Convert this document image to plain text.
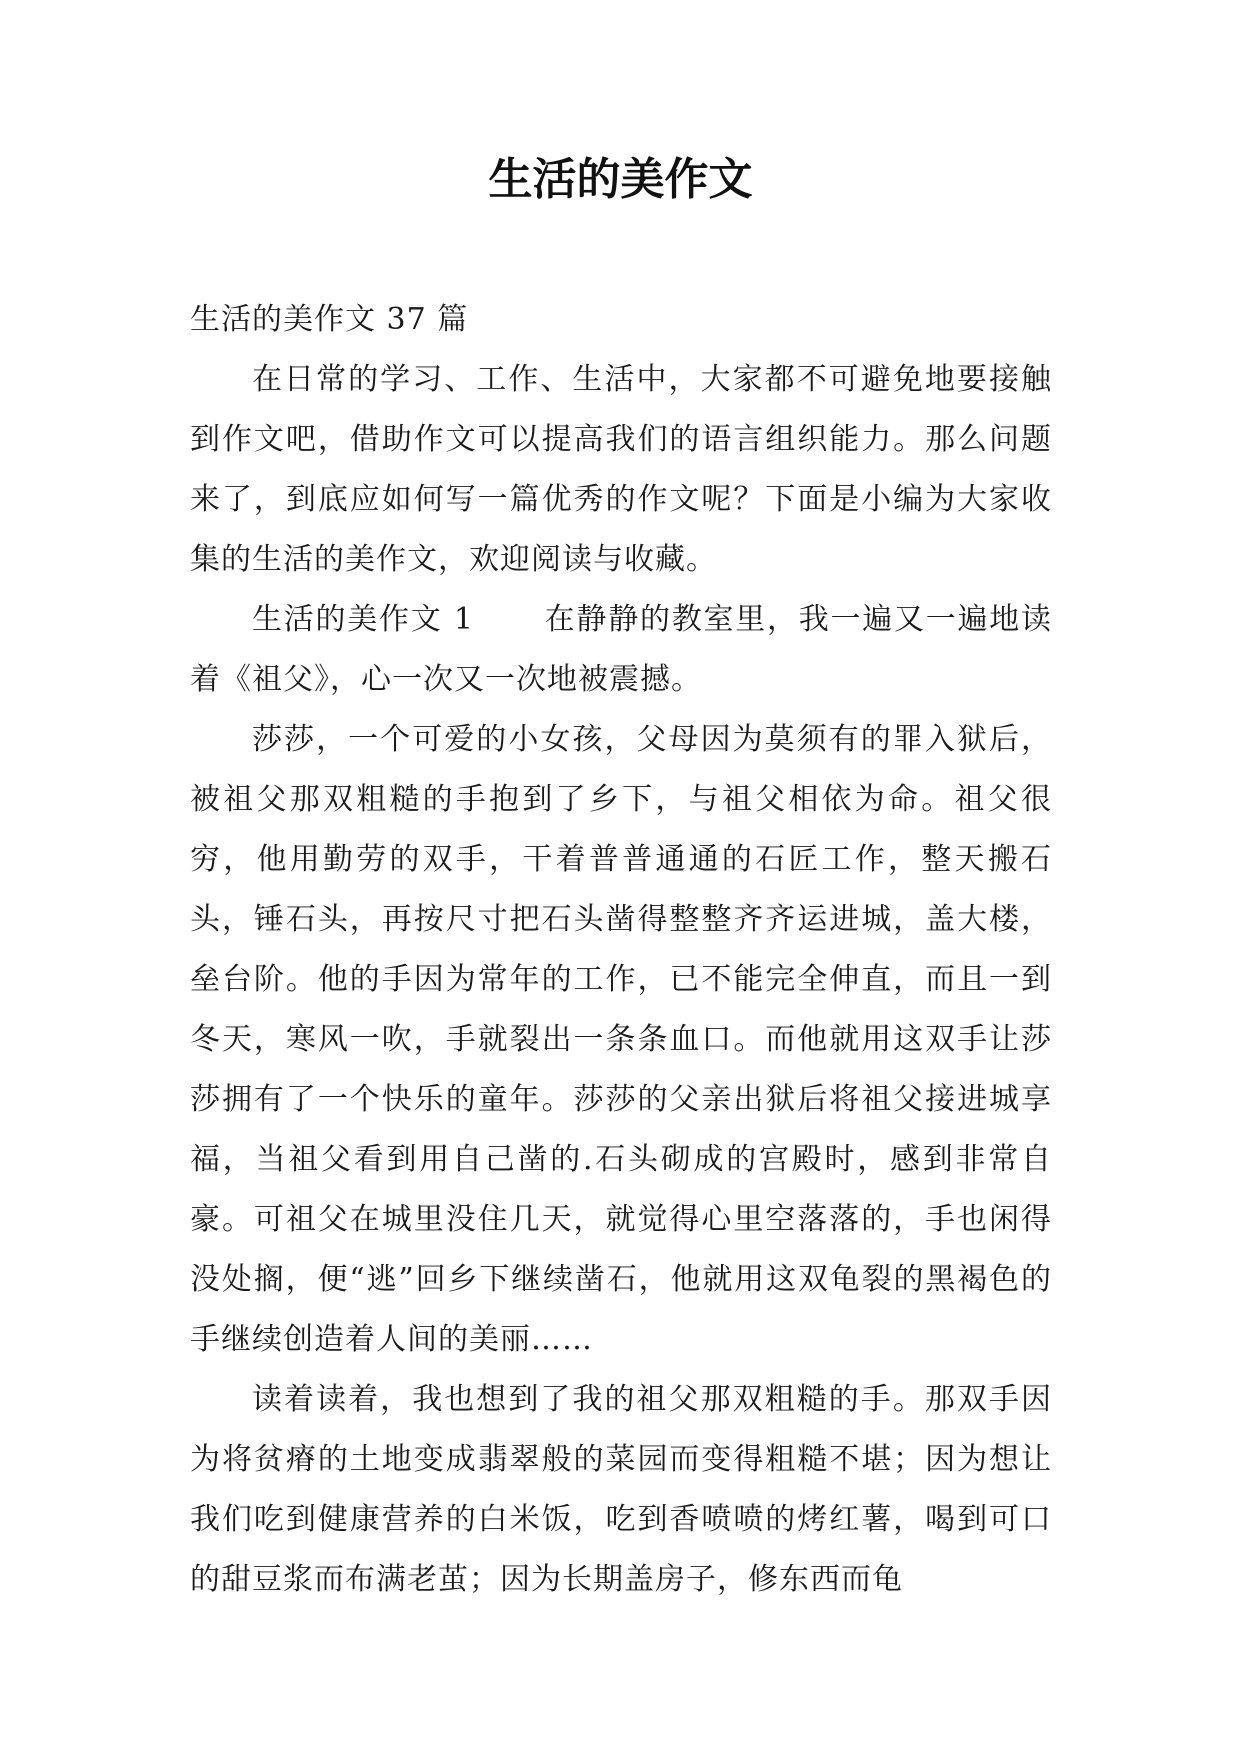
生活的美作文

生活的美作文 37 篇

在日常的学习、工作、生活中，大家都不可避免地要接触到作文吧，借助作文可以提高我们的语言组织能力。那么问题来了，到底应如何写一篇优秀的作文呢？下面是小编为大家收集的生活的美作文，欢迎阅读与收藏。

生活的美作文 1 在静静的教室里，我一遍又一遍地读着《祖父》，心一次又一次地被震撼。

莎莎，一个可爱的小女孩，父母因为莫须有的罪入狱后，被祖父那双粗糙的手抱到了乡下，与祖父相依为命。祖父很穷，他用勤劳的双手，干着普普通通的石匠工作，整天搬石头，锤石头，再按尺寸把石头凿得整整齐齐运进城，盖大楼，垒台阶。他的手因为常年的工作，已不能完全伸直，而且一到冬天，寒风一吹，手就裂出一条条血口。而他就用这双手让莎莎拥有了一个快乐的童年。莎莎的父亲出狱后将祖父接进城享福，当祖父看到用自己凿的.石头砌成的宫殿时，感到非常自豪。可祖父在城里没住几天，就觉得心里空落落的，手也闲得没处搁，便“逃”回乡下继续凿石，他就用这双龟裂的黑褐色的手继续创造着人间的美丽……

读着读着，我也想到了我的祖父那双粗糙的手。那双手因为将贫瘠的土地变成翡翠般的菜园而变得粗糙不堪；因为想让我们吃到健康营养的白米饭，吃到香喷喷的烤红薯，喝到可口的甜豆浆而布满老茧；因为长期盖房子，修东西而龟
